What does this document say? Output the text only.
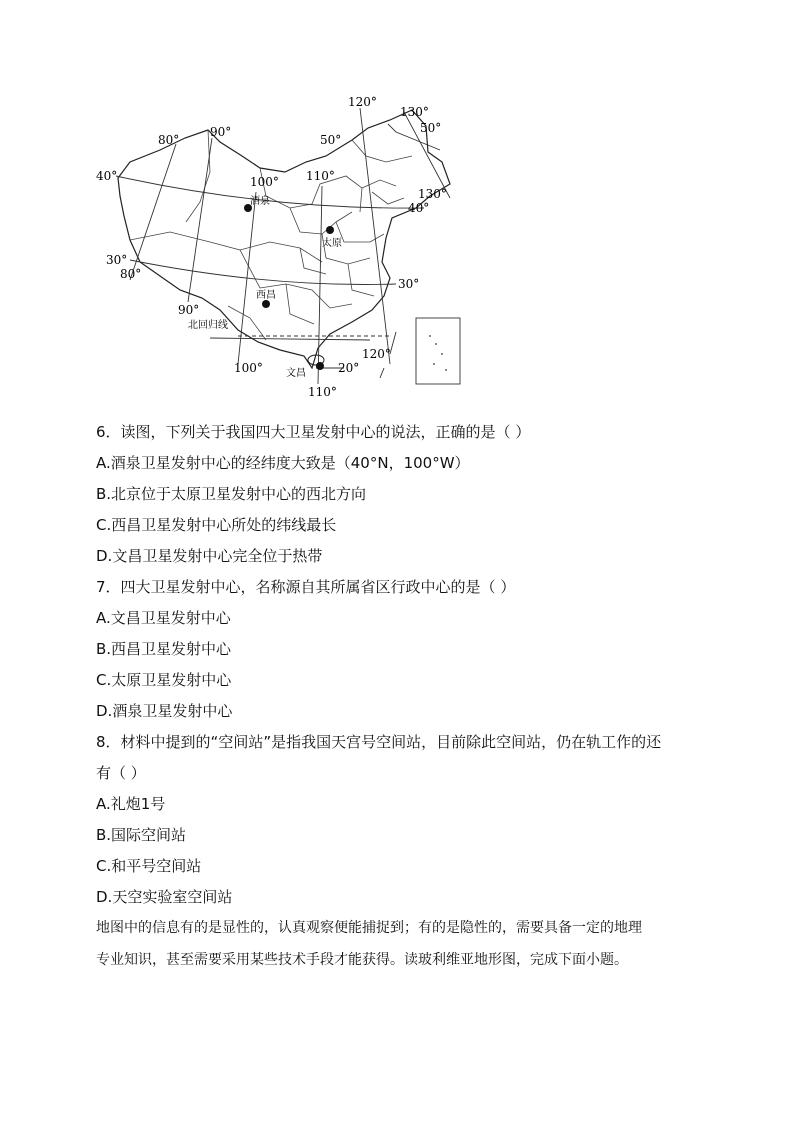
80°
90°
100° 110°
120°
130°
80°
90°
100°
110°
120°
130°
40°
30°
50°
50°
40°
30°
20°
酒泉
太原
西昌
文昌
北回归线
6．读图，下列关于我国四大卫星发射中心的说法，正确的是（ ）
A.酒泉卫星发射中心的经纬度大致是（40°N，100°W）
B.北京位于太原卫星发射中心的西北方向
C.西昌卫星发射中心所处的纬线最长
D.文昌卫星发射中心完全位于热带
7．四大卫星发射中心，名称源自其所属省区行政中心的是（ ）
A.文昌卫星发射中心
B.西昌卫星发射中心
C.太原卫星发射中心
D.酒泉卫星发射中心
8．材料中提到的“空间站”是指我国天宫号空间站，目前除此空间站，仍在轨工作的还
有（ ）
A.礼炮1号
B.国际空间站
C.和平号空间站
D.天空实验室空间站
地图中的信息有的是显性的，认真观察便能捕捉到；有的是隐性的，需要具备一定的地理
专业知识，甚至需要采用某些技术手段才能获得。读玻利维亚地形图，完成下面小题。
